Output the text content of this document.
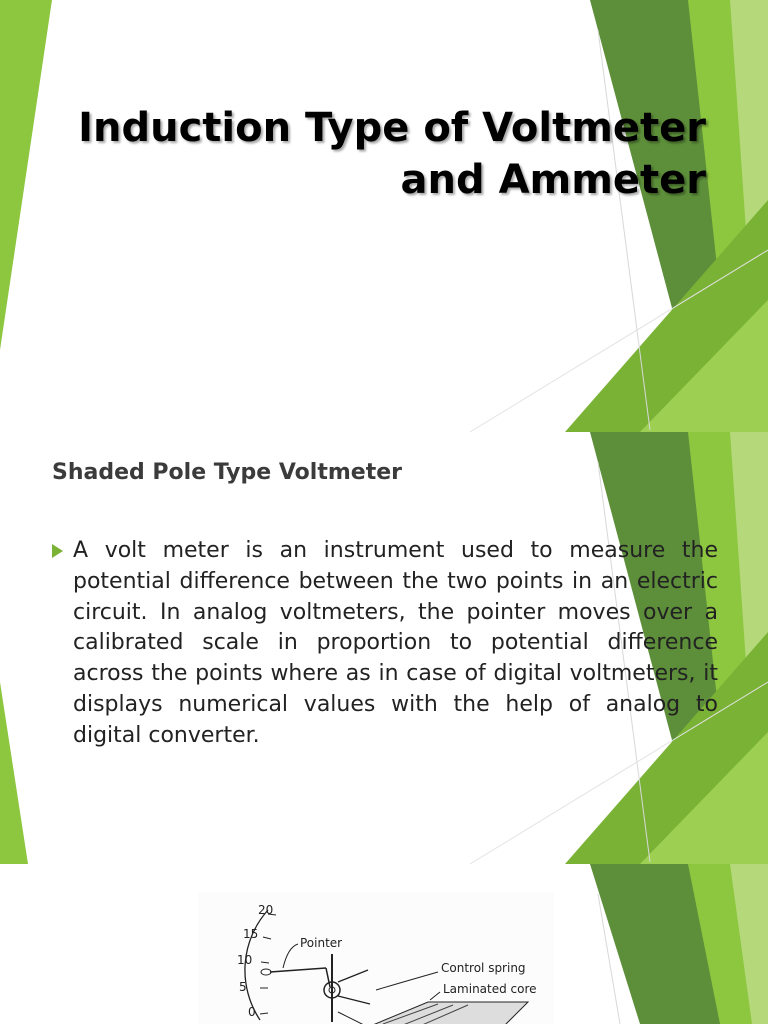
Induction Type of Voltmeter
and Ammeter
Shaded Pole Type Voltmeter
A volt meter is an instrument used to measure the potential difference between the two points in an electric circuit. In analog voltmeters, the pointer moves over a calibrated scale in proportion to potential difference across the points where as in case of digital voltmeters, it displays numerical values with the help of analog to digital converter.
20
15
10
5
0
Pointer
Control spring
Laminated core
